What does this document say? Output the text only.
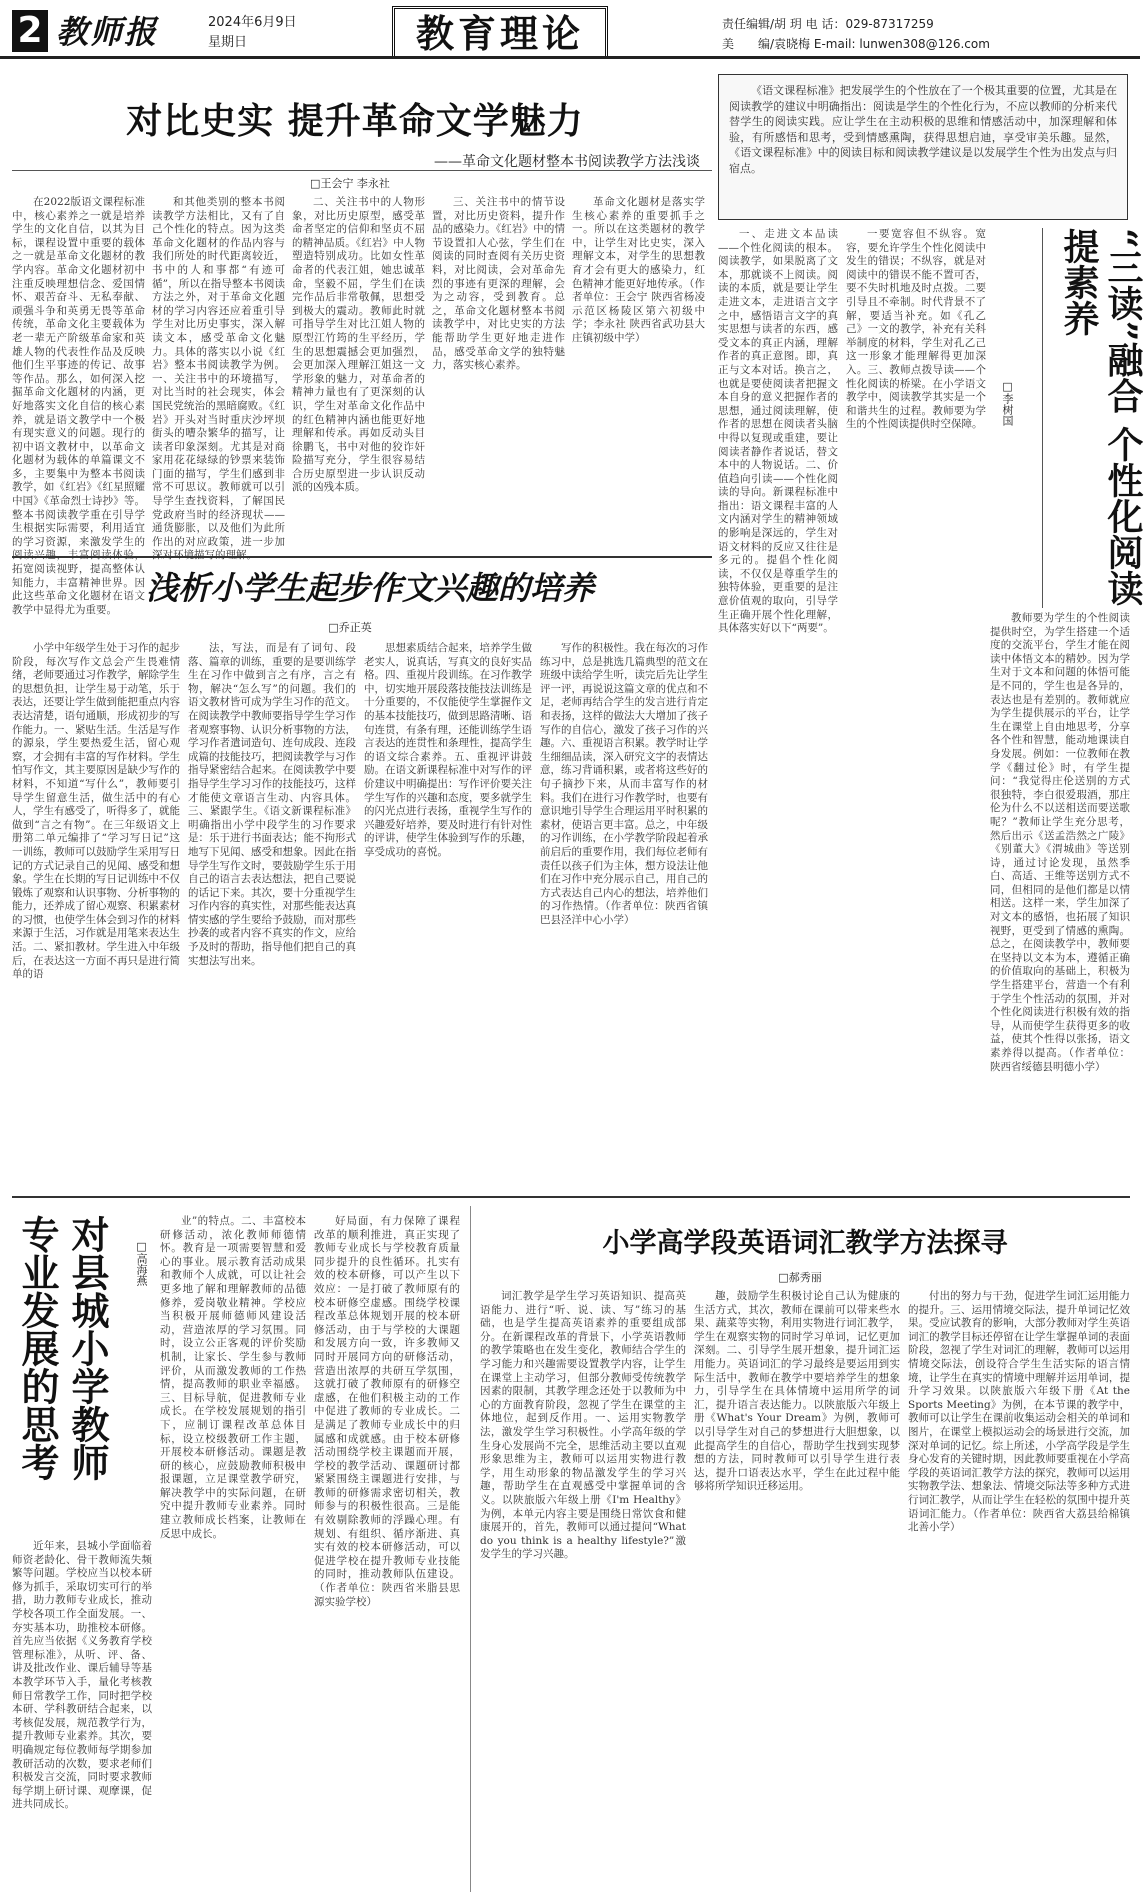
2 教师报	2024年6月9日
星期日	教育理论	责任编辑/胡 玥 电 话：029-87317259
美　　编/袁晓梅 E-mail: lunwen308@126.com
对比史实 提升革命文学魅力
——革命文化题材整本书阅读教学方法浅谈
□王会宁 李永社

在2022版语文课程标准中，核心素养之一就是培养学生的文化自信，以其为目标，课程设置中重要的载体之一就是革命文化题材的教学内容。革命文化题材初中注重反映理想信念、爱国情怀、艰苦奋斗、无私奉献、顽强斗争和英勇无畏等革命传统，革命文化主要载体为老一辈无产阶级革命家和英雄人物的代表性作品及反映他们生平事迹的传记、故事等作品。那么，如何深入挖掘革命文化题材的内涵，更好地落实文化自信的核心素养，就是语文教学中一个极有现实意义的问题。现行的初中语文教材中，以革命文化题材为载体的单篇课文不多，主要集中为整本书阅读教学，如《红岩》《红星照耀中国》《革命烈士诗抄》等。整本书阅读教学重在引导学生根据实际需要，利用适宜的学习资源，来激发学生的 拓宽阅读视野，提高整体认知能力，丰富精神世界。因此这些革命文化题材在语文教学中显得尤为重要。

和其他类别的整本书阅读教学方法相比，又有了自己个性化的特点。因为这类革命文化题材的作品内容与我们所处的时代距离较近，书中的人和事都“有迹可循”，所以在指导整本书阅读方法之外，对于革命文化题材的学习内容还应着重引导学生对比历史事实，深入解读文本，感受革命文化魅力。具体的落实以小说《红岩》整本书阅读教学为例。一、关注书中的环境描写，对比当时的社会现实，体会国民党统治的黑暗腐败。《红岩》开头对当时重庆沙坪坝街头的嘈杂繁华的描写，让读者印象深刻。尤其是对商家用花花绿绿的钞票来装饰门面的描写，学生们感到非常不可思议。教师就可以引导学生查找资料，了解国民党政府当时的经济现状——通货膨胀，以及他们为此所作出的对应政策，进一步加

二、关注书中的人物形象，对比历史原型，感受革命者坚定的信仰和坚贞不屈的精神品质。《红岩》中人物塑造特别成功。比如女性革命者的代表江姐，她忠诚革命，坚毅不屈，学生们在读完作品后非常敬佩，思想受到极大的震动。教师此时就可指导学生对比江姐人物的原型江竹筠的生平经历，学生的思想震撼会更加强烈，会更加深入理解江姐这一文学形象的魅力，对革命者的精神力量也有了更深刻的认识，学生对革命文化作品中的红色精神内涵也能更好地理解和传承。再如反动头目徐鹏飞，书中对他的狡诈奸险描写充分，学生很容易结合历史原型进一步认识反动派的凶残本质。

三、关注书中的情节设置，对比历史资料，提升作品的感染力。《红岩》中的情节设置扣人心弦，学生们在阅读的同时查阅有关历史资料，对比阅读，会对革命先烈的事迹有更深的理解，会为之动容，受到教育。总之，革命文化题材整本书阅读教学中，对比史实的方法能帮助学生更好地走进作品，感受革命文学的独特魅力，落实核心素养。

革命文化题材是落实学生核心素养的重要抓手之一。所以在这类题材的教学中，让学生对比史实，深入理解文本，对学生的思想教育才会有更大的感染力，红色精神才能更好地传承。（作者单位：王会宁 陕西省杨凌示范区杨陵区第六初级中学；李永社 陕西省武功县大庄镇初级中学）

《语文课程标准》把发展学生的个性放在了一个极其重要的位置，尤其是在阅读教学的建议中明确指出：阅读是学生的个性化行为，不应以教师的分析来代替学生的阅读实践。应让学生在主动积极的思维和情感活动中，加深理解和体验，有所感悟和思考，受到情感熏陶，获得思想启迪，享受审美乐趣。显然，《语文课程标准》中的阅读目标和阅读教学建议是以发展学生个性为出发点与归宿点。
“三读”融合 个性化阅读提素养
□李树国

一、走进文本品读——个性化阅读的根本。阅读教学，如果脱离了文本，那就谈不上阅读。阅读的本质，就是要让学生走进文本，走进语言文字之中，感悟语言文字的真实思想与读者的东西，感受文本的真正内涵，理解作者的真正意图。即，真正与文本对话。换言之，也就是要使阅读者把握文本自身的意义把握作者的思想，通过阅读理解，使作者的思想在阅读者头脑中得以复现或重建，要让阅读者静作者说话，替文本中的人物说话。二、价值趋向引读——个性化阅读的导向。新课程标准中指出：语文课程丰富的人文内涵对学生的精神领域的影响是深远的，学生对语文材料的反应又往往是多元的。提倡个性化阅读，不仅仅是尊重学生的独特体验，更重要的是注意价值观的取向，引导学生正确开展个性化理解，具体落实好以下“两要”。

一要宽容但不纵容。宽容，要允许学生个性化阅读中发生的错误；不纵容，就是对阅读中的错误不能不置可否，要不失时机地及时点拨。二要引导且不牵制。时代背景不了解，要适当补充。如《孔乙己》一文的教学，补充有关科举制度的材料，学生对孔乙己这一形象才能理解得更加深入。三、教师点拨导读——个性化阅读的桥梁。在小学语文教学中，阅读教学其实是一个和谐共生的过程。教师要为学生的个性阅读提供时空保障。

教师要为学生的个性阅读提供时空，为学生搭建一个适度的交流平台，学生才能在阅读中体悟文本的精妙。因为学生对于文本和问题的体悟可能是不同的，学生也是各异的，表达也是有差别的。教师就应为学生提供展示的平台，让学生在课堂上自由地思考，分享各个性和智慧，能动地课读自身发展。例如：一位教师在教学《翻过伦》时，有学生提问：“我觉得庄伦送别的方式很独特，李白很爱瑕酒，那庄伦为什么不以送相送而要送歌呢？”教师让学生充分思考，然后出示《送孟浩然之广陵》《别董大》《渭城曲》等送别诗，通过讨论发现，虽然季白、高适、王维等送别方式不同，但相同的是他们都是以情相送。这样一来，学生加深了对文本的感悟，也拓展了知识视野，更受到了情感的熏陶。总之，在阅读教学中，教师要在坚持以文本为本，遵循正确的价值取向的基础上，积极为学生搭建平台，营造一个有利于学生个性活动的氛围，并对个性化阅读进行积极有效的指导，从而使学生获得更多的收益，使其个性得以张扬，语文素养得以提高。（作者单位：陕西省绥德县明德小学）

浅析小学生起步作文兴趣的培养
□乔正英

小学中年级学生处于习作的起步阶段，每次写作文总会产生畏难情绪，老师要通过习作教学，解除学生的思想负担，让学生易于动笔，乐于表达，还要让学生做到能把重点内容表达清楚，语句通顺，形成初步的写作能力。一、紧贴生活。生活是写作的源泉，学生要热爱生活，留心观察，才会拥有丰富的写作材料。学生怕写作文，其主要原因是缺少写作的材料，不知道“写什么”，教师要引导学生留意生活，做生活中的有心人，学生有感受了，听得多了，就能做到“言之有物”。在三年级语文上册第二单元编排了“学习写日记”这一训练，教师可以鼓励学生采用写日记的方式记录自己的见闻、感受和想象。学生在长期的写日记训练中不仅锻炼了观察和认识事物、分析事物的能力，还养成了留心观察、积累素材的习惯，也使学生体会到习作的材料来源于生活，习作就是用笔来表达生活。二、紧扣教材。学生进入中年级后，在表达这一方面不再只是进行简单的语

法，写法，而是有了词句、段落、篇章的训练，重要的是要训练学生在习作中做到言之有序，言之有物，解决“怎么写”的问题。我们的语文教材皆可成为学生习作的范文。在阅读教学中教师要指导学生学习作者观察事物、认识分析事物的方法，学习作者遣词造句、连句成段、连段成篇的技能技巧，把阅读教学与习作指导紧密结合起来。在阅读教学中要指导学生学习习作的技能技巧，这样才能使文章语言生动、内容具体。三、紧跟学生。《语文新课程标准》明确指出小学中段学生的习作要求是：乐于进行书面表达；能不拘形式地写下见闻、感受和想象。因此在指导学生写作文时，要鼓励学生乐于用自己的语言去表达想法，把自己要说的话记下来。其次，要十分重视学生习作内容的真实性，对那些能表达真情实感的学生要给予鼓励，而对那些抄袭的或者内容不真实的作文，应给予及时的帮助，指导他们把自己的真实想法写出来。

思想素质结合起来，培养学生做老实人，说真话，写真文的良好实品格。四、重视片段训练。在习作教学中，切实地开展段落技能技法训练是十分重要的，不仅能使学生掌握作文的基本技能技巧，做到思路清晰、语句连贯，有条有理，还能训练学生语言表达的连贯性和条理性，提高学生的语文综合素养。五、重视评讲鼓励。在语文新课程标准中对写作的评价建议中明确提出：写作评价要关注学生写作的兴趣和态度，要多就学生的闪光点进行表扬，重视学生写作的兴趣爱好培养，要及时进行有针对性的评讲，使学生体验到写作的乐趣，享受成功的喜悦。

写作的积极性。我在每次的习作练习中，总是挑选几篇典型的范文在班级中读给学生听，读完后先让学生评一评，再说说这篇文章的优点和不足，老师再结合学生的发言进行肯定和表扬，这样的做法大大增加了孩子写作的自信心，激发了孩子习作的兴趣。六、重视语言积累。教学时让学生细细品读，深入研究文字的表情达意，练习背诵积累，或者将这些好的句子摘抄下来，从而丰富写作的材料。我们在进行习作教学时，也要有意识地引导学生合理运用平时积累的素材，使语言更丰富。总之，中年级的习作训练，在小学教学阶段起着承前启后的重要作用，我们每位老师有责任以孩子们为主体，想方设法让他们在习作中充分展示自己，用自己的方式表达自己内心的想法，培养他们的习作热情。（作者单位：陕西省镇巴县泾洋中心小学）

对县城小学教师专业发展的思考	□高海燕

近年来，县城小学面临着师资老龄化、骨干教师流失频繁等问题。学校应当以校本研修为抓手，采取切实可行的举措，助力教师专业成长，推动学校各项工作全面发展。一、夯实基本功，助推校本研修。首先应当依据《义务教育学校管理标准》，从听、评、备、讲及批改作业、课后辅导等基本教学环节入手，量化考核教师日常教学工作，同时把学校本研、学科教研结合起来，以考核促发展，规范教学行为，提升教师专业素养。其次，要明确规定每位教师每学期参加教研活动的次数，要求老师们积极发言交流，同时要求教师每学期上研讨课、观摩课，促进共同成长。

业”的特点。二、丰富校本研修活动，浓化教师师德情怀。教育是一项需要智慧和爱心的事业。展示教育活动成果和教师个人成就，可以让社会更多地了解和理解教师的品德修养，爱岗敬业精神。学校应当积极开展师德师风建设活动，营造浓厚的学习氛围。同时，设立公正客观的评价奖励机制，让家长、学生参与教师评价，从而激发教师的工作热情，提高教师的职业幸福感。三、目标导航，促进教师专业成长。在学校发展规划的指引下，应制订课程改革总体目标，设立校级教研工作主题，开展校本研修活动。课题是教研的核心，应鼓励教师积极申报课题，立足课堂教学研究，解决教学中的实际问题，在研究中提升教师专业素养。同时建立教师成长档案，让教师在反思中成长。

好局面，有力保障了课程改革的顺利推进，真正实现了教师专业成长与学校教育质量同步提升的良性循环。扎实有效的校本研修，可以产生以下效应：一是打破了教师原有的校本研修空虚感。围绕学校课程改革总体规划开展的校本研修活动，由于与学校的大课题和发展方向一致，许多教师又同时开展同方向的研修活动，营造出浓厚的共研互学氛围，这就打破了教师原有的研修空虚感，在他们积极主动的工作中促进了教师的专业成长。二是满足了教师专业成长中的归属感和成就感。由于校本研修活动围绕学校主课题而开展，学校的教学活动、课题研讨都紧紧围绕主课题进行安排，与教师的研修需求密切相关，教师参与的积极性很高。三是能有效剔除教师的浮躁心理。有规划、有组织、循序渐进、真实有效的校本研修活动，可以促进学校在提升教师专业技能的同时，推动教师队伍建设。（作者单位：陕西省米脂县思源实验学校）

小学高学段英语词汇教学方法探寻
□郝秀丽

词汇教学是学生学习英语知识、提高英语能力、进行“听、说、读、写”练习的基础，也是学生提高英语素养的重要组成部分。在新课程改革的背景下，小学英语教师的教学策略也在发生变化，教师结合学生的学习能力和兴趣需要设置教学内容，让学生在课堂上主动学习，但部分教师受传统教学因素的限制，其教学理念还处于以教师为中心的方面教育阶段，忽视了学生在课堂的主体地位，起到反作用。一、运用实物教学法，激发学生学习积极性。小学高年级的学生身心发展尚不完全，思维活动主要以直观形象思维为主，教师可以运用实物进行教学，用生动形象的物品激发学生的学习兴趣，帮助学生在直观感受中掌握单词的含义。以陕旅版六年级上册《I'm Healthy》为例，本单元内容主要是围绕日常饮食和健康展开的，首先，教师可以通过提问“What do you think is a healthy lifestyle?”激发学生的学习兴趣。

趣，鼓励学生积极讨论自己认为健康的生活方式，其次，教师在课前可以带来些水果、蔬菜等实物，利用实物进行词汇教学，学生在观察实物的同时学习单词，记忆更加深刻。二、引导学生展开想象，提升词汇运用能力。英语词汇的学习最终是要运用到实际生活中，教师在教学中要培养学生的想象力，引导学生在具体情境中运用所学的词汇，提升语言表达能力。以陕旅版六年级上册《What's Your Dream》为例，教师可以引导学生对自己的梦想进行大胆想象，以此提高学生的自信心，帮助学生找到实现梦想的方法，同时教师可以引导学生进行表达，提升口语表达水平，学生在此过程中能够将所学知识迁移运用。

付出的努力与干劲，促进学生词汇运用能力的提升。三、运用情境交际法，提升单词记忆效果。受应试教育的影响，大部分教师对学生英语词汇的教学目标还停留在让学生掌握单词的表面阶段，忽视了学生对词汇的理解，教师可以运用情境交际法，创设符合学生生活实际的语言情境，让学生在真实的情境中理解并运用单词，提升学习效果。以陕旅版六年级下册《At the Sports Meeting》为例，在本节课的教学中，教师可以让学生在课前收集运动会相关的单词和图片，在课堂上模拟运动会的场景进行交流，加深对单词的记忆。综上所述，小学高学段是学生身心发育的关键时期，因此教师要重视在小学高学段的英语词汇教学方法的探究，教师可以运用实物教学法、想象法、情境交际法等多种方式进行词汇教学，从而让学生在轻松的氛围中提升英语词汇能力。（作者单位：陕西省大荔县给棉镇北善小学）
